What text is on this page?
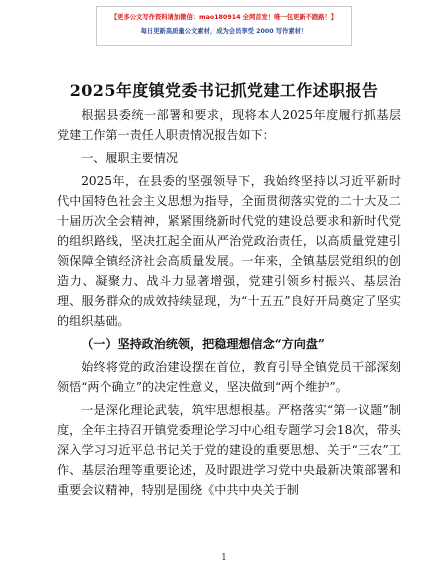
【更多公文写作资料请加微信：mao180914 全网首发！唯一包更新不跑路！】
每日更新高质量公文素材，成为会员享受 2000 写作素材！
2025年度镇党委书记抓党建工作述职报告

根据县委统一部署和要求，现将本人2025年度履行抓基层党建工作第一责任人职责情况报告如下：

一、履职主要情况

2025年，在县委的坚强领导下，我始终坚持以习近平新时代中国特色社会主义思想为指导，全面贯彻落实党的二十大及二十届历次全会精神，紧紧围绕新时代党的建设总要求和新时代党的组织路线，坚决扛起全面从严治党政治责任，以高质量党建引领保障全镇经济社会高质量发展。一年来，全镇基层党组织的创造力、凝聚力、战斗力显著增强，党建引领乡村振兴、基层治理、服务群众的成效持续显现，为“十五五”良好开局奠定了坚实的组织基础。

（一）坚持政治统领，把稳理想信念“方向盘”

始终将党的政治建设摆在首位，教育引导全镇党员干部深刻领悟“两个确立”的决定性意义，坚决做到“两个维护”。

一是深化理论武装，筑牢思想根基。严格落实“第一议题”制度，全年主持召开镇党委理论学习中心组专题学习会18次，带头深入学习习近平总书记关于党的建设的重要思想、关于“三农”工作、基层治理等重要论述，及时跟进学习党中央最新决策部署和重要会议精神，特别是围绕《中共中央关于制

1
